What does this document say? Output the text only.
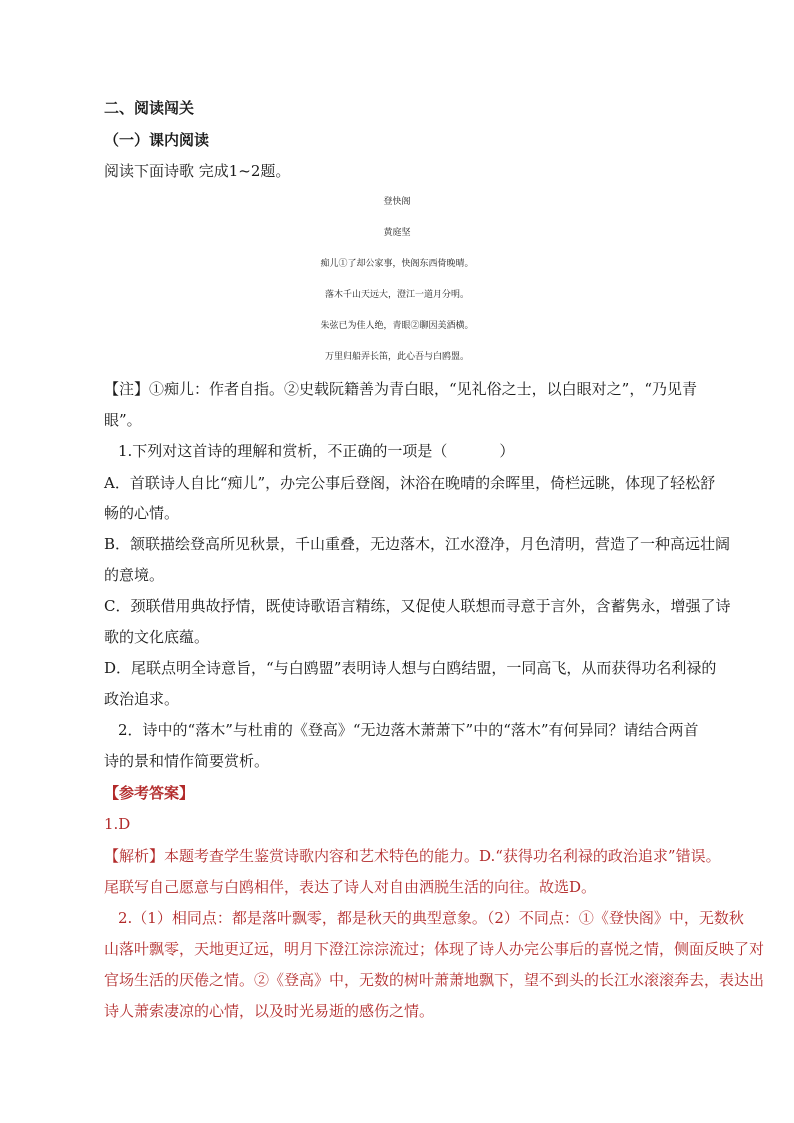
二、阅读闯关
（一）课内阅读
阅读下面诗歌 完成1~2题。
登快阁
黄庭坚
痴儿①了却公家事，快阁东西倚晚晴。
落木千山天远大，澄江一道月分明。
朱弦已为佳人绝，青眼②聊因美酒横。
万里归船弄长笛，此心吾与白鸥盟。
【注】①痴儿：作者自指。②史载阮籍善为青白眼，“见礼俗之士，以白眼对之”，“乃见青
眼”。
1.下列对这首诗的理解和赏析，不正确的一项是（	）
A．首联诗人自比“痴儿”，办完公事后登阁，沐浴在晚晴的余晖里，倚栏远眺，体现了轻松舒
畅的心情。
B．颔联描绘登高所见秋景，千山重叠，无边落木，江水澄净，月色清明，营造了一种高远壮阔
的意境。
C．颈联借用典故抒情，既使诗歌语言精练，又促使人联想而寻意于言外，含蓄隽永，增强了诗
歌的文化底蕴。
D．尾联点明全诗意旨，“与白鸥盟”表明诗人想与白鸥结盟，一同高飞，从而获得功名利禄的
政治追求。
2．诗中的“落木”与杜甫的《登高》“无边落木萧萧下”中的“落木”有何异同？请结合两首
诗的景和情作简要赏析。
【参考答案】
1.D
【解析】本题考查学生鉴赏诗歌内容和艺术特色的能力。D.“获得功名利禄的政治追求”错误。
尾联写自己愿意与白鸥相伴，表达了诗人对自由洒脱生活的向往。故选D。
2.（1）相同点：都是落叶飘零，都是秋天的典型意象。（2）不同点：①《登快阁》中，无数秋
山落叶飘零，天地更辽远，明月下澄江淙淙流过；体现了诗人办完公事后的喜悦之情，侧面反映了对
官场生活的厌倦之情。②《登高》中，无数的树叶萧萧地飘下，望不到头的长江水滚滚奔去，表达出
诗人萧索凄凉的心情，以及时光易逝的感伤之情。
